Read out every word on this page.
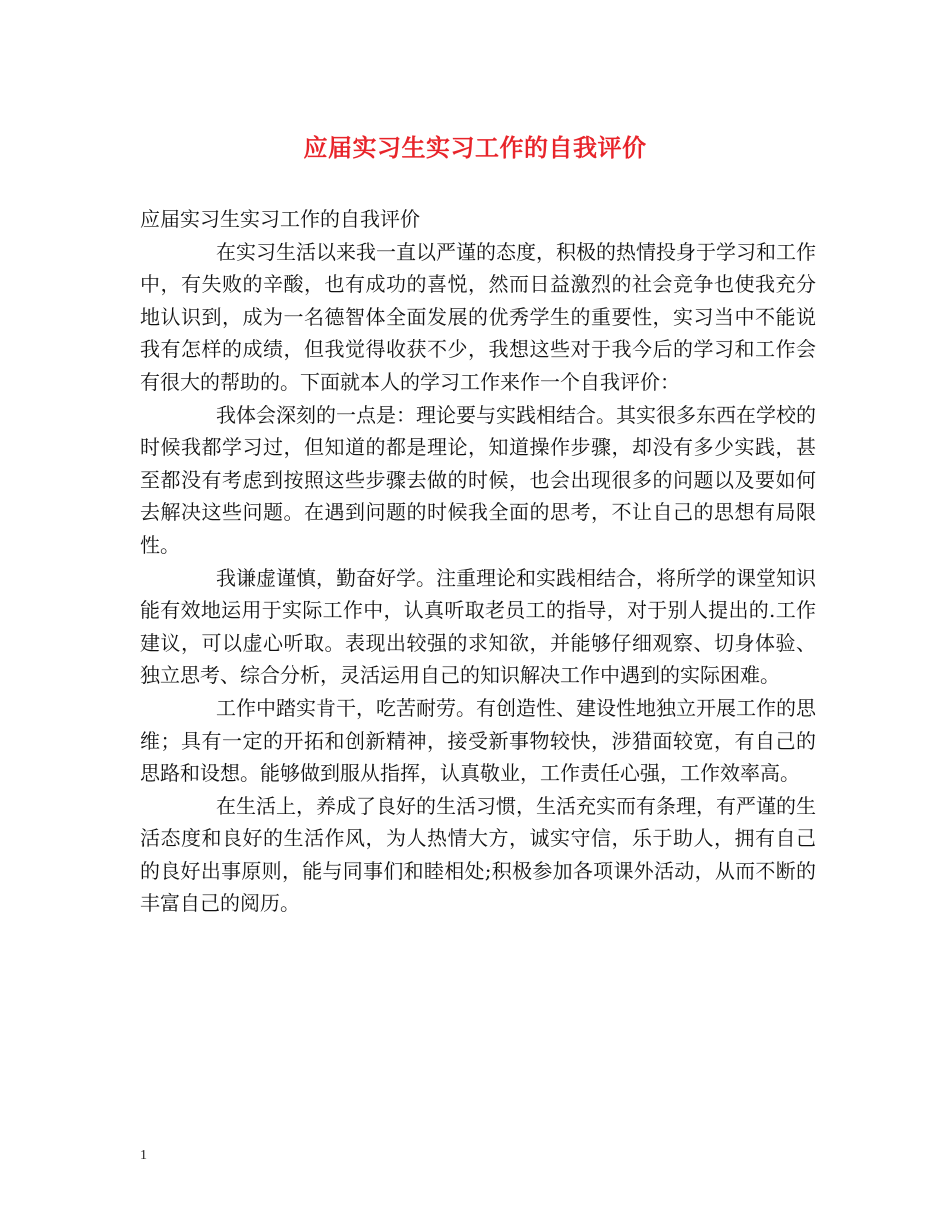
应届实习生实习工作的自我评价

应届实习生实习工作的自我评价

在实习生活以来我一直以严谨的态度，积极的热情投身于学习和工作中，有失败的辛酸，也有成功的喜悦，然而日益激烈的社会竞争也使我充分地认识到，成为一名德智体全面发展的优秀学生的重要性，实习当中不能说我有怎样的成绩，但我觉得收获不少，我想这些对于我今后的学习和工作会有很大的帮助的。下面就本人的学习工作来作一个自我评价：

我体会深刻的一点是：理论要与实践相结合。其实很多东西在学校的时候我都学习过，但知道的都是理论，知道操作步骤，却没有多少实践，甚至都没有考虑到按照这些步骤去做的时候，也会出现很多的问题以及要如何去解决这些问题。在遇到问题的时候我全面的思考，不让自己的思想有局限性。

我谦虚谨慎，勤奋好学。注重理论和实践相结合，将所学的课堂知识能有效地运用于实际工作中，认真听取老员工的指导，对于别人提出的.工作建议，可以虚心听取。表现出较强的求知欲，并能够仔细观察、切身体验、独立思考、综合分析，灵活运用自己的知识解决工作中遇到的实际困难。

工作中踏实肯干，吃苦耐劳。有创造性、建设性地独立开展工作的思维；具有一定的开拓和创新精神，接受新事物较快，涉猎面较宽，有自己的思路和设想。能够做到服从指挥，认真敬业，工作责任心强，工作效率高。

在生活上，养成了良好的生活习惯，生活充实而有条理，有严谨的生活态度和良好的生活作风，为人热情大方，诚实守信，乐于助人，拥有自己的良好出事原则，能与同事们和睦相处;积极参加各项课外活动，从而不断的丰富自己的阅历。

1
